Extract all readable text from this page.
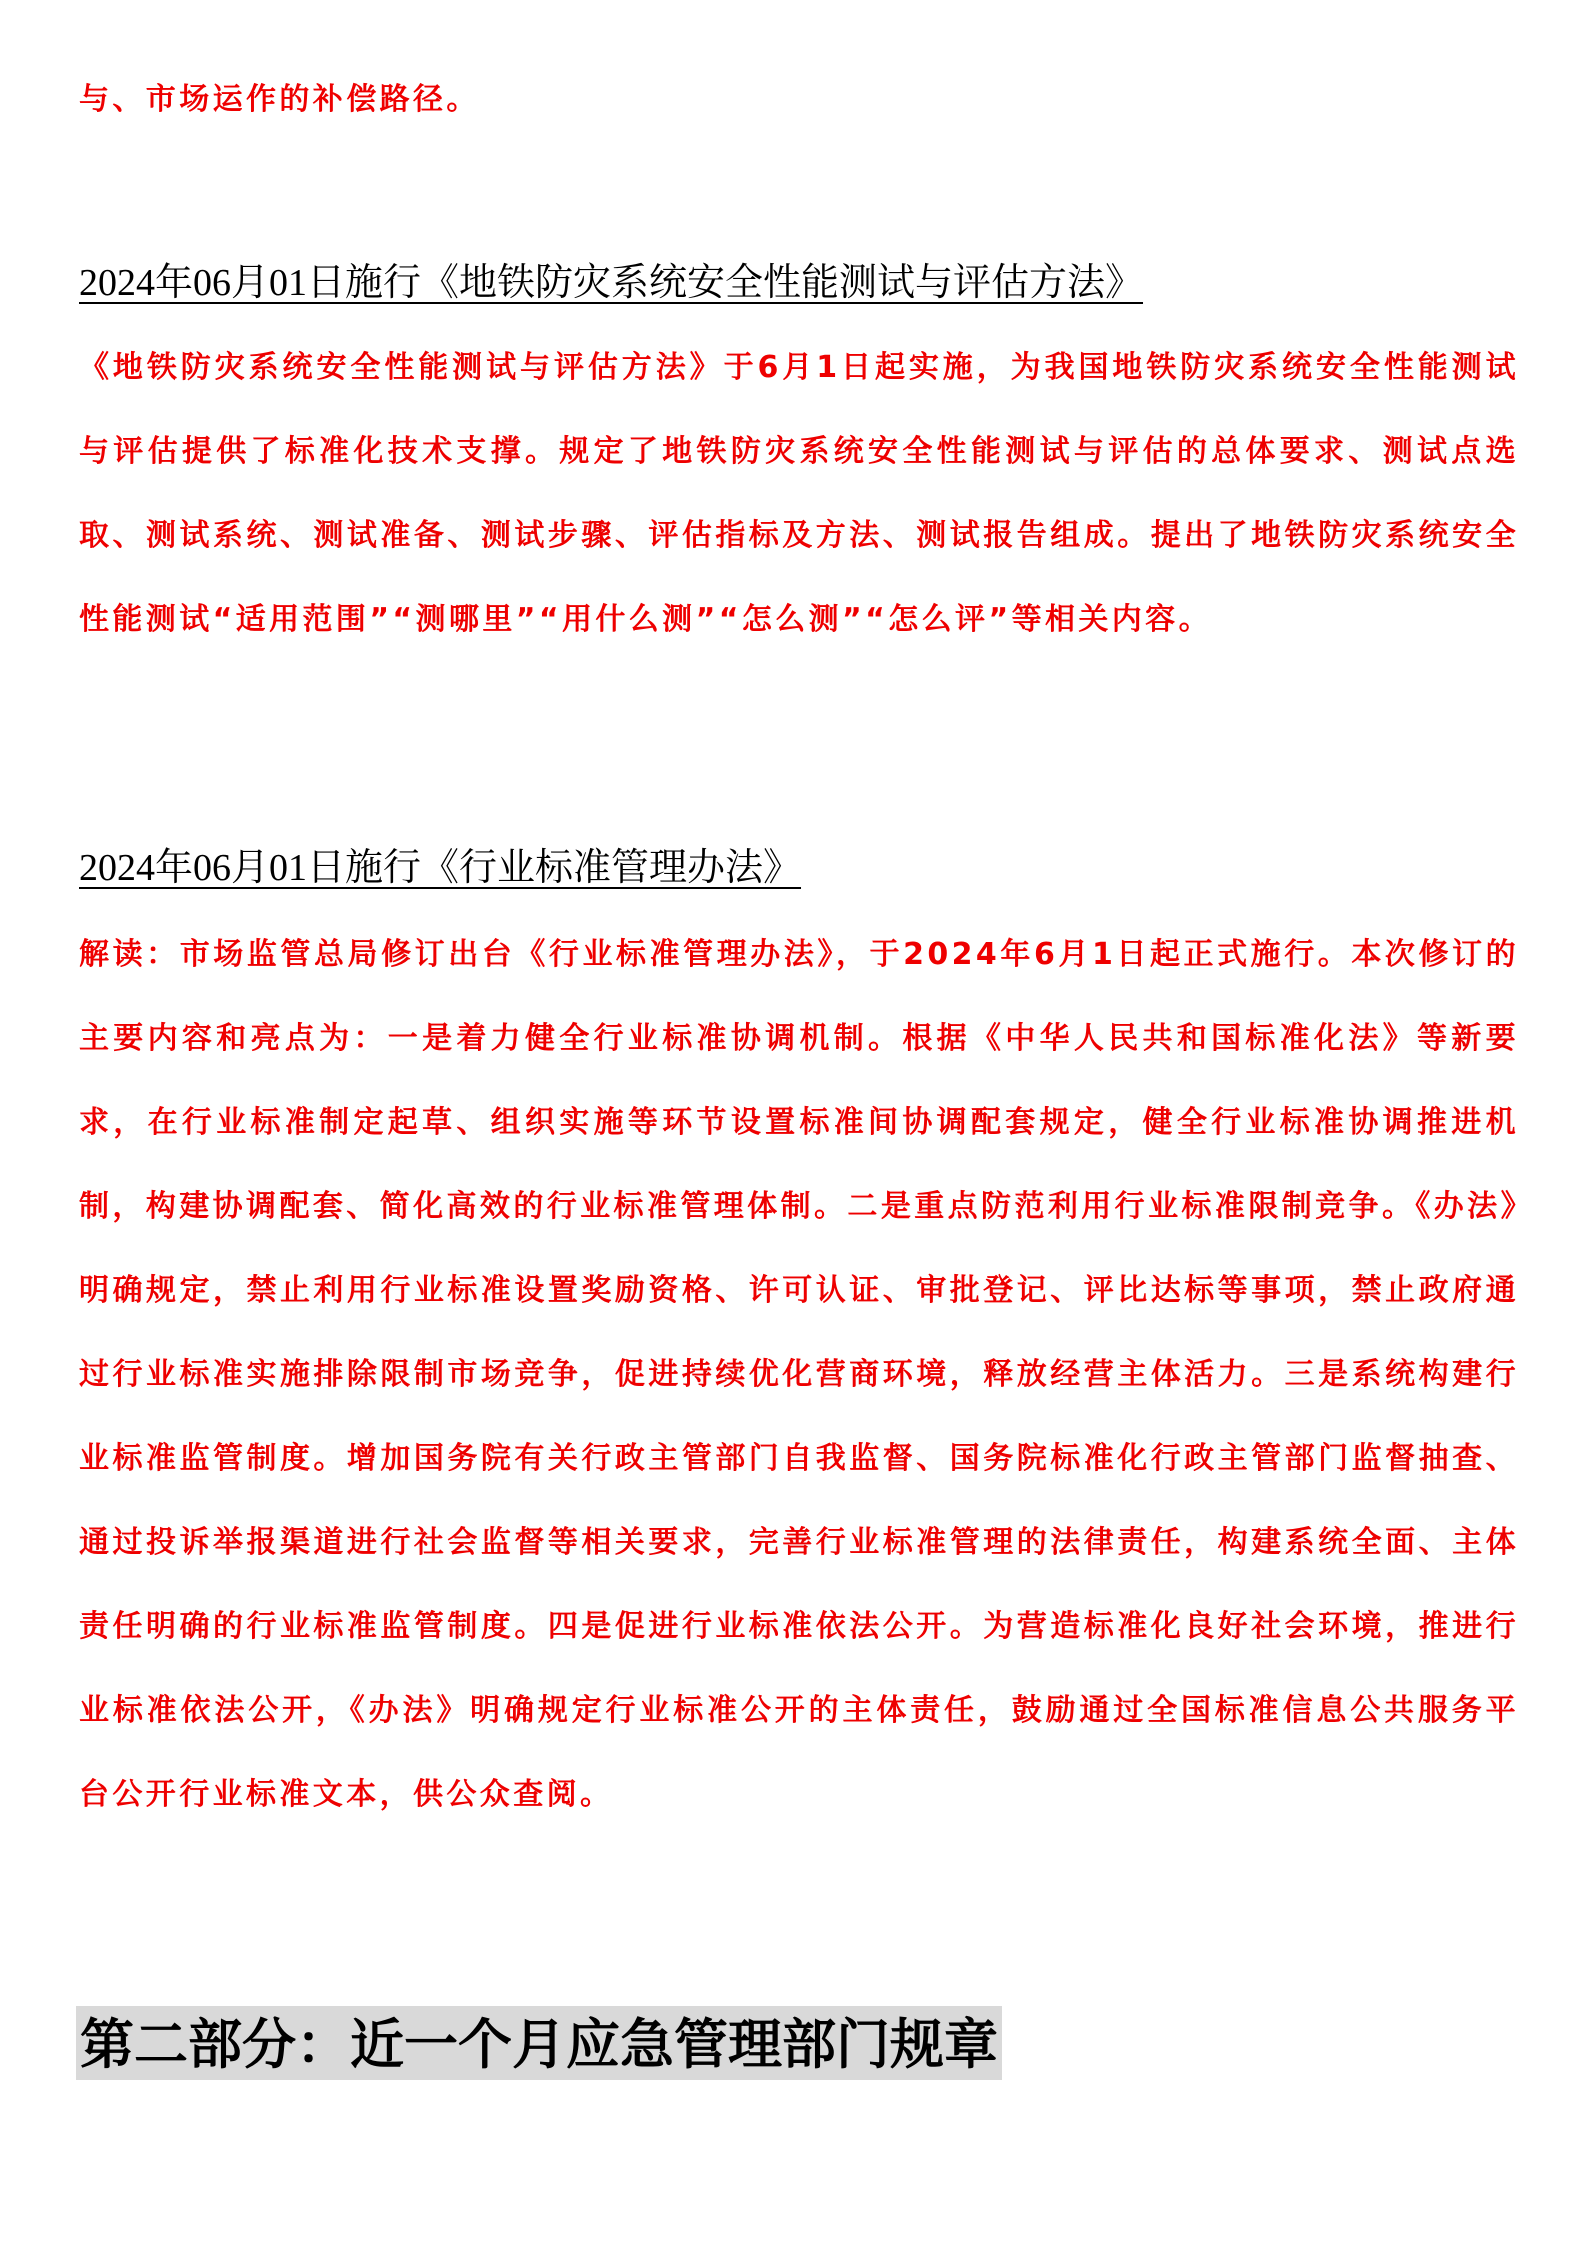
与、市场运作的补偿路径。

2024年06月01日施行《地铁防灾系统安全性能测试与评估方法》

《地铁防灾系统安全性能测试与评估方法》于6月1日起实施，为我国地铁防灾系统安全性能测试与评估提供了标准化技术支撑。规定了地铁防灾系统安全性能测试与评估的总体要求、测试点选取、测试系统、测试准备、测试步骤、评估指标及方法、测试报告组成。提出了地铁防灾系统安全性能测试“适用范围”“测哪里”“用什么测”“怎么测”“怎么评”等相关内容。

2024年06月01日施行《行业标准管理办法》

解读：市场监管总局修订出台《行业标准管理办法》，于2024年6月1日起正式施行。本次修订的主要内容和亮点为：一是着力健全行业标准协调机制。根据《中华人民共和国标准化法》等新要求，在行业标准制定起草、组织实施等环节设置标准间协调配套规定，健全行业标准协调推进机制，构建协调配套、简化高效的行业标准管理体制。二是重点防范利用行业标准限制竞争。《办法》明确规定，禁止利用行业标准设置奖励资格、许可认证、审批登记、评比达标等事项，禁止政府通过行业标准实施排除限制市场竞争，促进持续优化营商环境，释放经营主体活力。三是系统构建行业标准监管制度。增加国务院有关行政主管部门自我监督、国务院标准化行政主管部门监督抽查、通过投诉举报渠道进行社会监督等相关要求，完善行业标准管理的法律责任，构建系统全面、主体责任明确的行业标准监管制度。四是促进行业标准依法公开。为营造标准化良好社会环境，推进行业标准依法公开，《办法》明确规定行业标准公开的主体责任，鼓励通过全国标准信息公共服务平台公开行业标准文本，供公众查阅。

第二部分：近一个月应急管理部门规章
